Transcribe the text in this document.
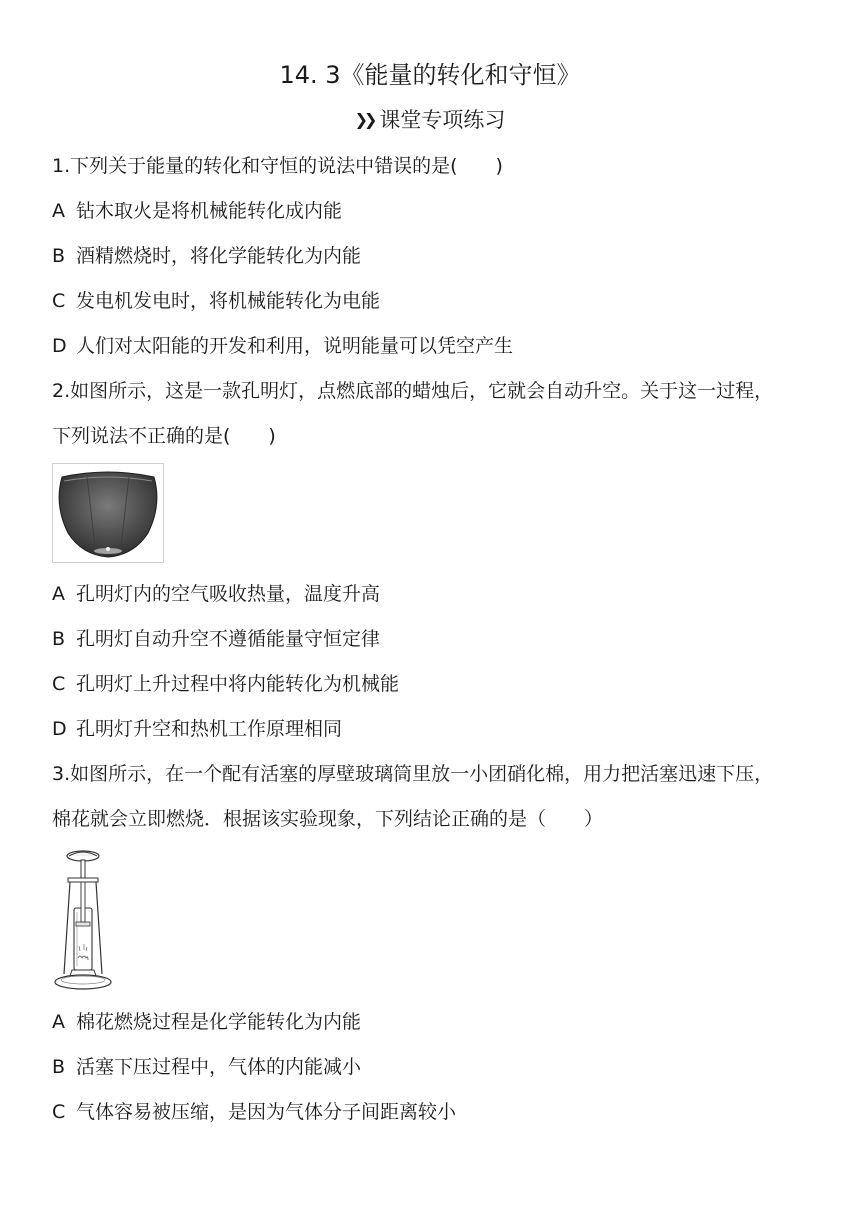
14. 3《能量的转化和守恒》
❯❯ 课堂专项练习
1.下列关于能量的转化和守恒的说法中错误的是(　　)
A 钻木取火是将机械能转化成内能
B 酒精燃烧时，将化学能转化为内能
C 发电机发电时，将机械能转化为电能
D 人们对太阳能的开发和利用，说明能量可以凭空产生
2.如图所示，这是一款孔明灯，点燃底部的蜡烛后，它就会自动升空。关于这一过程，
下列说法不正确的是(　　)
A 孔明灯内的空气吸收热量，温度升高
B 孔明灯自动升空不遵循能量守恒定律
C 孔明灯上升过程中将内能转化为机械能
D 孔明灯升空和热机工作原理相同
3.如图所示，在一个配有活塞的厚壁玻璃筒里放一小团硝化棉，用力把活塞迅速下压，
棉花就会立即燃烧．根据该实验现象，下列结论正确的是（　　）
A 棉花燃烧过程是化学能转化为内能
B 活塞下压过程中，气体的内能减小
C 气体容易被压缩，是因为气体分子间距离较小
